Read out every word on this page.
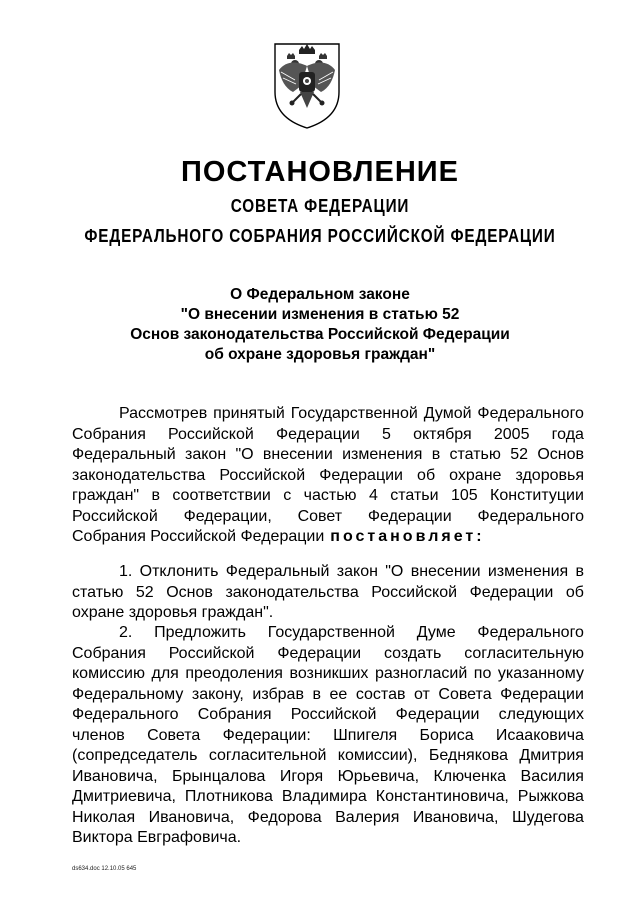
ПОСТАНОВЛЕНИЕ
СОВЕТА ФЕДЕРАЦИИ
ФЕДЕРАЛЬНОГО СОБРАНИЯ РОССИЙСКОЙ ФЕДЕРАЦИИ
О Федеральном законе
"О внесении изменения в статью 52
Основ законодательства Российской Федерации
об охране здоровья граждан"
Рассмотрев принятый Государственной Думой Федерального
Собрания Российской Федерации 5 октября 2005 года
Федеральный закон "О внесении изменения в статью 52 Основ
законодательства Российской Федерации об охране здоровья
граждан" в соответствии с частью 4 статьи 105 Конституции
Российской Федерации, Совет Федерации Федерального
Собрания Российской Федерации постановляет:
1. Отклонить Федеральный закон "О внесении изменения в
статью 52 Основ законодательства Российской Федерации об
охране здоровья граждан".
2. Предложить Государственной Думе Федерального
Собрания Российской Федерации создать согласительную
комиссию для преодоления возникших разногласий по указанному
Федеральному закону, избрав в ее состав от Совета Федерации
Федерального Собрания Российской Федерации следующих
членов Совета Федерации: Шпигеля Бориса Исааковича
(сопредседатель согласительной комиссии), Беднякова Дмитрия
Ивановича, Брынцалова Игоря Юрьевича, Ключенка Василия
Дмитриевича, Плотникова Владимира Константиновича, Рыжкова
Николая Ивановича, Федорова Валерия Ивановича, Шудегова
Виктора Евграфовича.
ds634.doc 12.10.05 645
